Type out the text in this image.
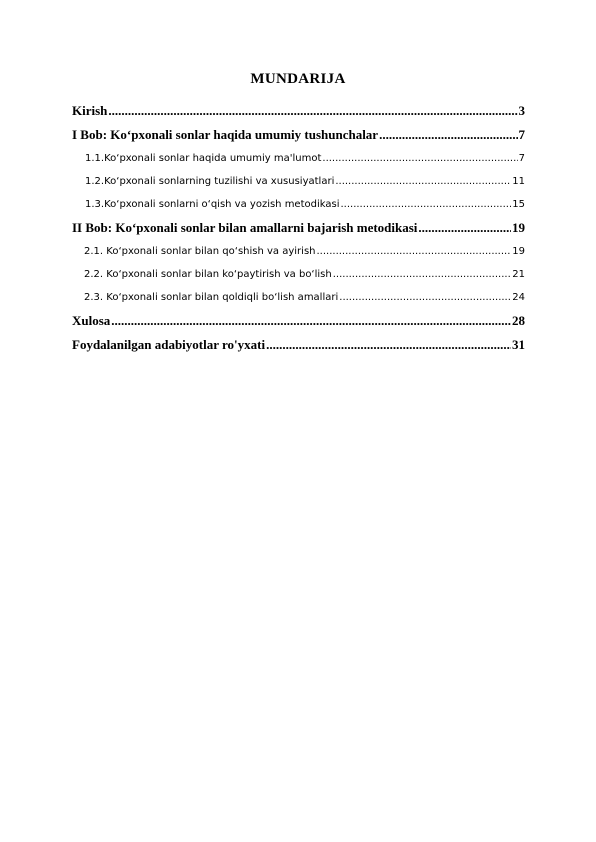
MUNDARIJA
Kirish .....	3
I Bob: Ko‘pxonali sonlar haqida umumiy tushunchalar .....	7
1.1. Ko‘pxonali sonlar haqida umumiy ma'lumot .....	7
1.2. Ko‘pxonali sonlarning tuzilishi va xususiyatlari .....	11
1.3. Ko‘pxonali sonlarni o‘qish va yozish metodikasi .....	15
II Bob: Ko‘pxonali sonlar bilan amallarni bajarish metodikasi .....	19
2.1. Ko‘pxonali sonlar bilan qo‘shish va ayirish .....	19
2.2. Ko‘pxonali sonlar bilan ko‘paytirish va bo‘lish .....	21
2.3. Ko‘pxonali sonlar bilan qoldiqli bo‘lish amallari .....	24
Xulosa .....	28
Foydalanilgan adabiyotlar ro'yxati .....	31
